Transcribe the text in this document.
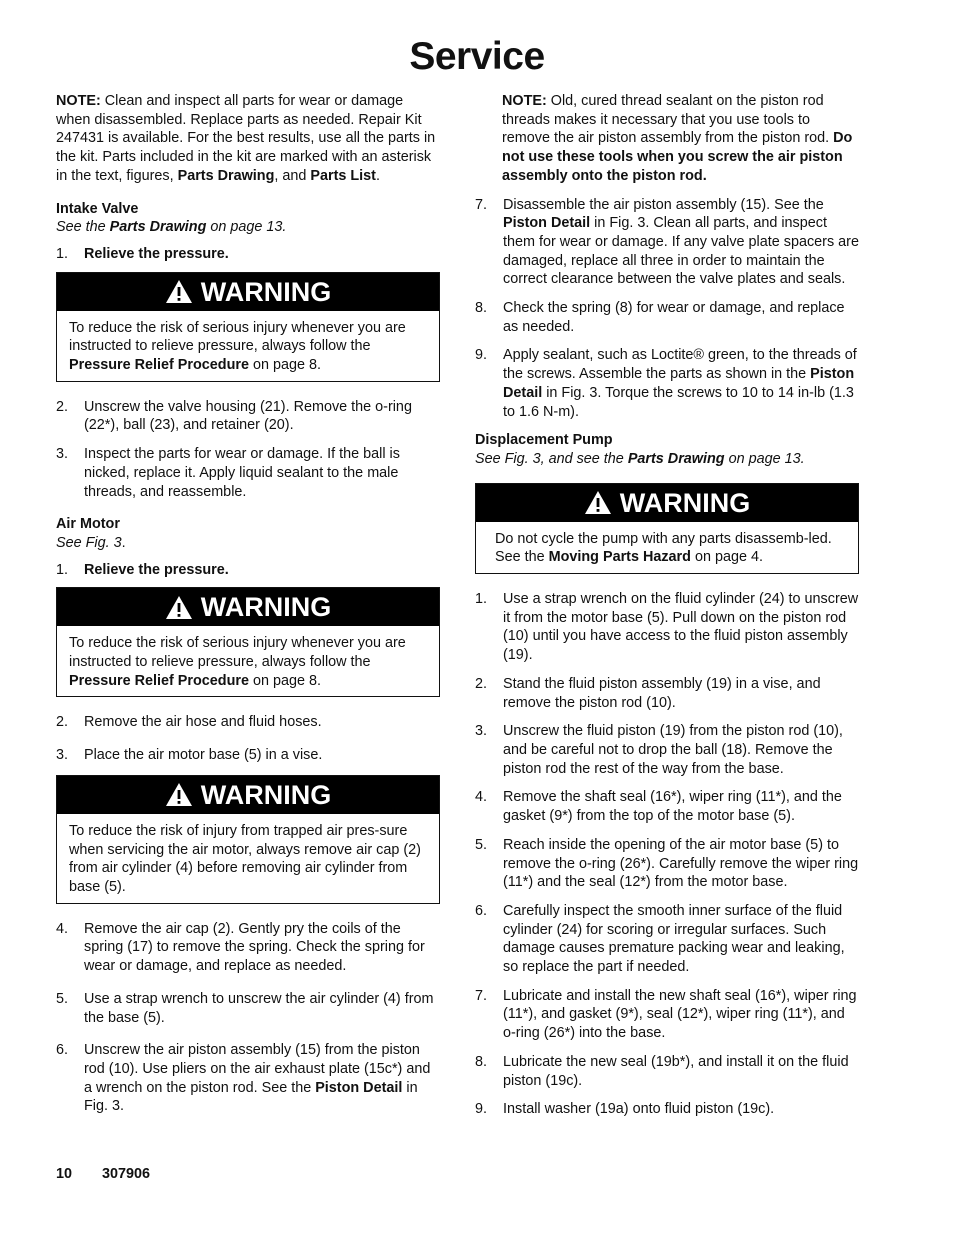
Service

NOTE: Clean and inspect all parts for wear or damage when disassembled. Replace parts as needed. Repair Kit 247431 is available. For the best results, use all the parts in the kit. Parts included in the kit are marked with an asterisk in the text, figures, Parts Drawing, and Parts List.

Intake Valve

See the Parts Drawing on page 13.

1. Relieve the pressure.
WARNING
To reduce the risk of serious injury whenever you are instructed to relieve pressure, always follow the Pressure Relief Procedure on page 8.
2. Unscrew the valve housing (21). Remove the o-ring (22*), ball (23), and retainer (20).
3. Inspect the parts for wear or damage. If the ball is nicked, replace it. Apply liquid sealant to the male threads, and reassemble.

Air Motor

See Fig. 3.

1. Relieve the pressure.
WARNING
To reduce the risk of serious injury whenever you are instructed to relieve pressure, always follow the Pressure Relief Procedure on page 8.
2. Remove the air hose and fluid hoses.
3. Place the air motor base (5) in a vise.
WARNING
To reduce the risk of injury from trapped air pres-sure when servicing the air motor, always remove air cap (2) from air cylinder (4) before removing air cylinder from base (5).
4. Remove the air cap (2). Gently pry the coils of the spring (17) to remove the spring. Check the spring for wear or damage, and replace as needed.
5. Use a strap wrench to unscrew the air cylinder (4) from the base (5).
6. Unscrew the air piston assembly (15) from the piston rod (10). Use pliers on the air exhaust plate (15c*) and a wrench on the piston rod. See the Piston Detail in Fig. 3.

NOTE: Old, cured thread sealant on the piston rod threads makes it necessary that you use tools to remove the air piston assembly from the piston rod. Do not use these tools when you screw the air piston assembly onto the piston rod.

7. Disassemble the air piston assembly (15). See the Piston Detail in Fig. 3. Clean all parts, and inspect them for wear or damage. If any valve plate spacers are damaged, replace all three in order to maintain the correct clearance between the valve plates and seals.
8. Check the spring (8) for wear or damage, and replace as needed.
9. Apply sealant, such as Loctite® green, to the threads of the screws. Assemble the parts as shown in the Piston Detail in Fig. 3. Torque the screws to 10 to 14 in-lb (1.3 to 1.6 N-m).

Displacement Pump

See Fig. 3, and see the Parts Drawing on page 13.

WARNING
Do not cycle the pump with any parts disassemb-led. See the Moving Parts Hazard on page 4.
1. Use a strap wrench on the fluid cylinder (24) to unscrew it from the motor base (5). Pull down on the piston rod (10) until you have access to the fluid piston assembly (19).
2. Stand the fluid piston assembly (19) in a vise, and remove the piston rod (10).
3. Unscrew the fluid piston (19) from the piston rod (10), and be careful not to drop the ball (18). Remove the piston rod the rest of the way from the base.
4. Remove the shaft seal (16*), wiper ring (11*), and the gasket (9*) from the top of the motor base (5).
5. Reach inside the opening of the air motor base (5) to remove the o-ring (26*). Carefully remove the wiper ring (11*) and the seal (12*) from the motor base.
6. Carefully inspect the smooth inner surface of the fluid cylinder (24) for scoring or irregular surfaces. Such damage causes premature packing wear and leaking, so replace the part if needed.
7. Lubricate and install the new shaft seal (16*), wiper ring (11*), and gasket (9*), seal (12*), wiper ring (11*), and o-ring (26*) into the base.
8. Lubricate the new seal (19b*), and install it on the fluid piston (19c).
9. Install washer (19a) onto fluid piston (19c).
10 307906
